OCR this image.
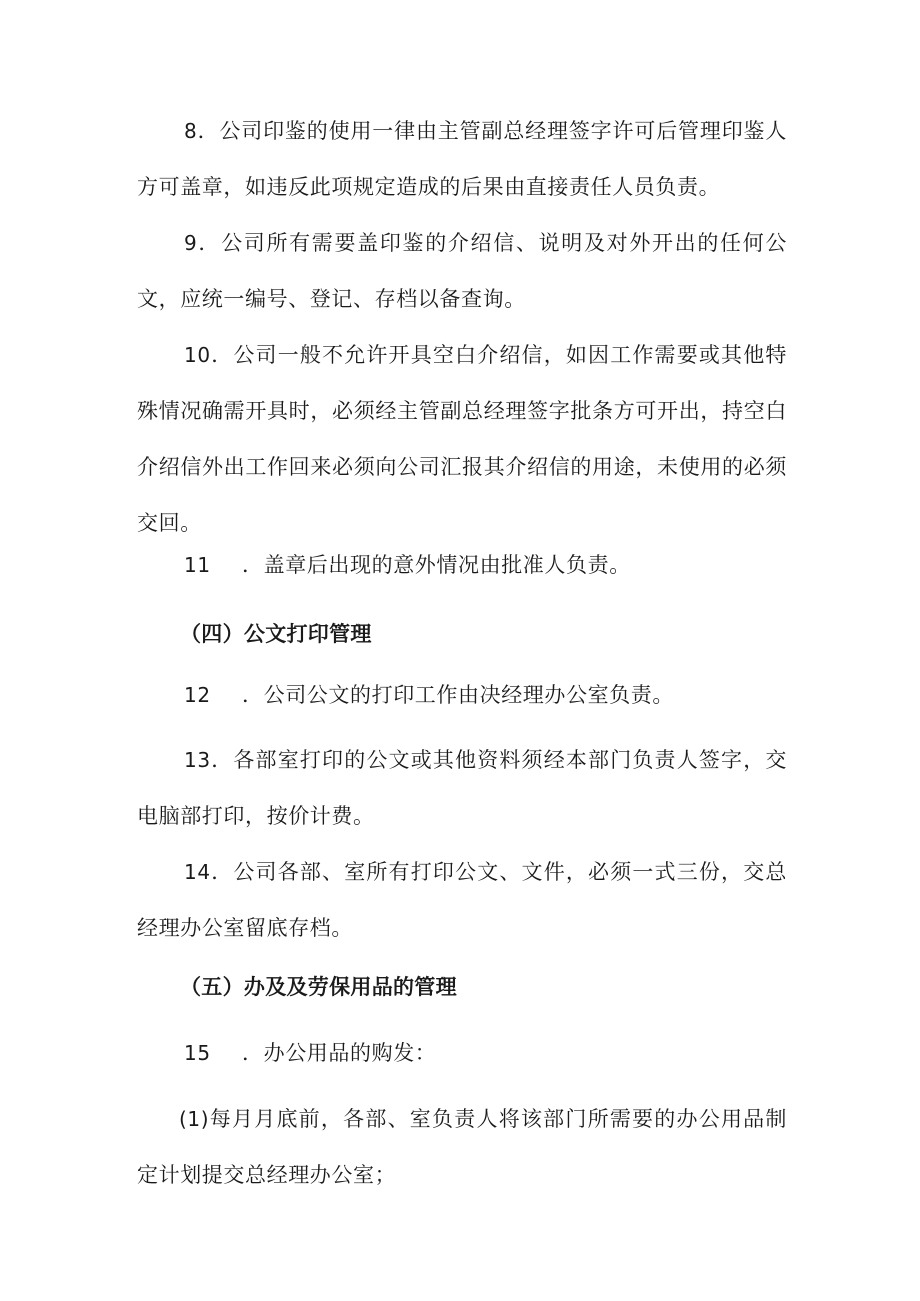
8．公司印鉴的使用一律由主管副总经理签字许可后管理印鉴人方可盖章，如违反此项规定造成的后果由直接责任人员负责。

9．公司所有需要盖印鉴的介绍信、说明及对外开出的任何公文，应统一编号、登记、存档以备查询。

10．公司一般不允许开具空白介绍信，如因工作需要或其他特殊情况确需开具时，必须经主管副总经理签字批条方可开出，持空白介绍信外出工作回来必须向公司汇报其介绍信的用途，未使用的必须交回。

11 ．盖章后出现的意外情况由批准人负责。

（四）公文打印管理

12 ．公司公文的打印工作由决经理办公室负责。

13．各部室打印的公文或其他资料须经本部门负责人签字，交电脑部打印，按价计费。

14．公司各部、室所有打印公文、文件，必须一式三份，交总经理办公室留底存档。

（五）办及及劳保用品的管理

15 ．办公用品的购发：

(1)每月月底前，各部、室负责人将该部门所需要的办公用品制定计划提交总经理办公室；
